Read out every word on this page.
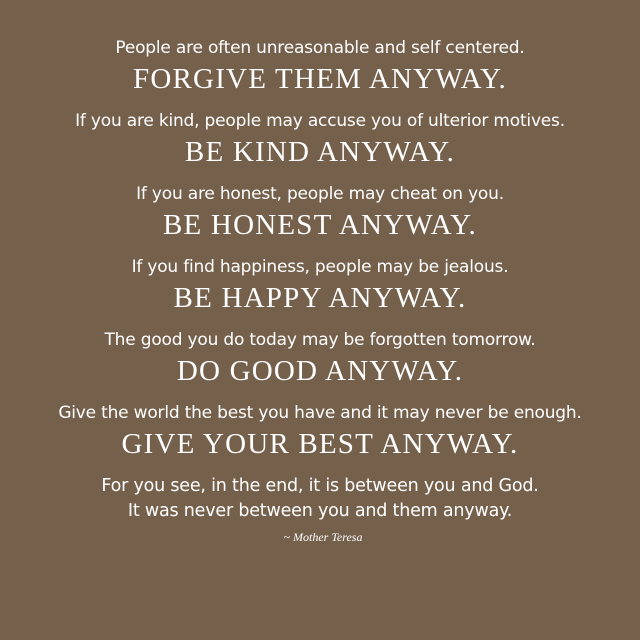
People are often unreasonable and self centered.
FORGIVE THEM ANYWAY.
If you are kind, people may accuse you of ulterior motives.
BE KIND ANYWAY.
If you are honest, people may cheat on you.
BE HONEST ANYWAY.
If you find happiness, people may be jealous.
BE HAPPY ANYWAY.
The good you do today may be forgotten tomorrow.
DO GOOD ANYWAY.
Give the world the best you have and it may never be enough.
GIVE YOUR BEST ANYWAY.
For you see, in the end, it is between you and God.
It was never between you and them anyway.
~ Mother Teresa
